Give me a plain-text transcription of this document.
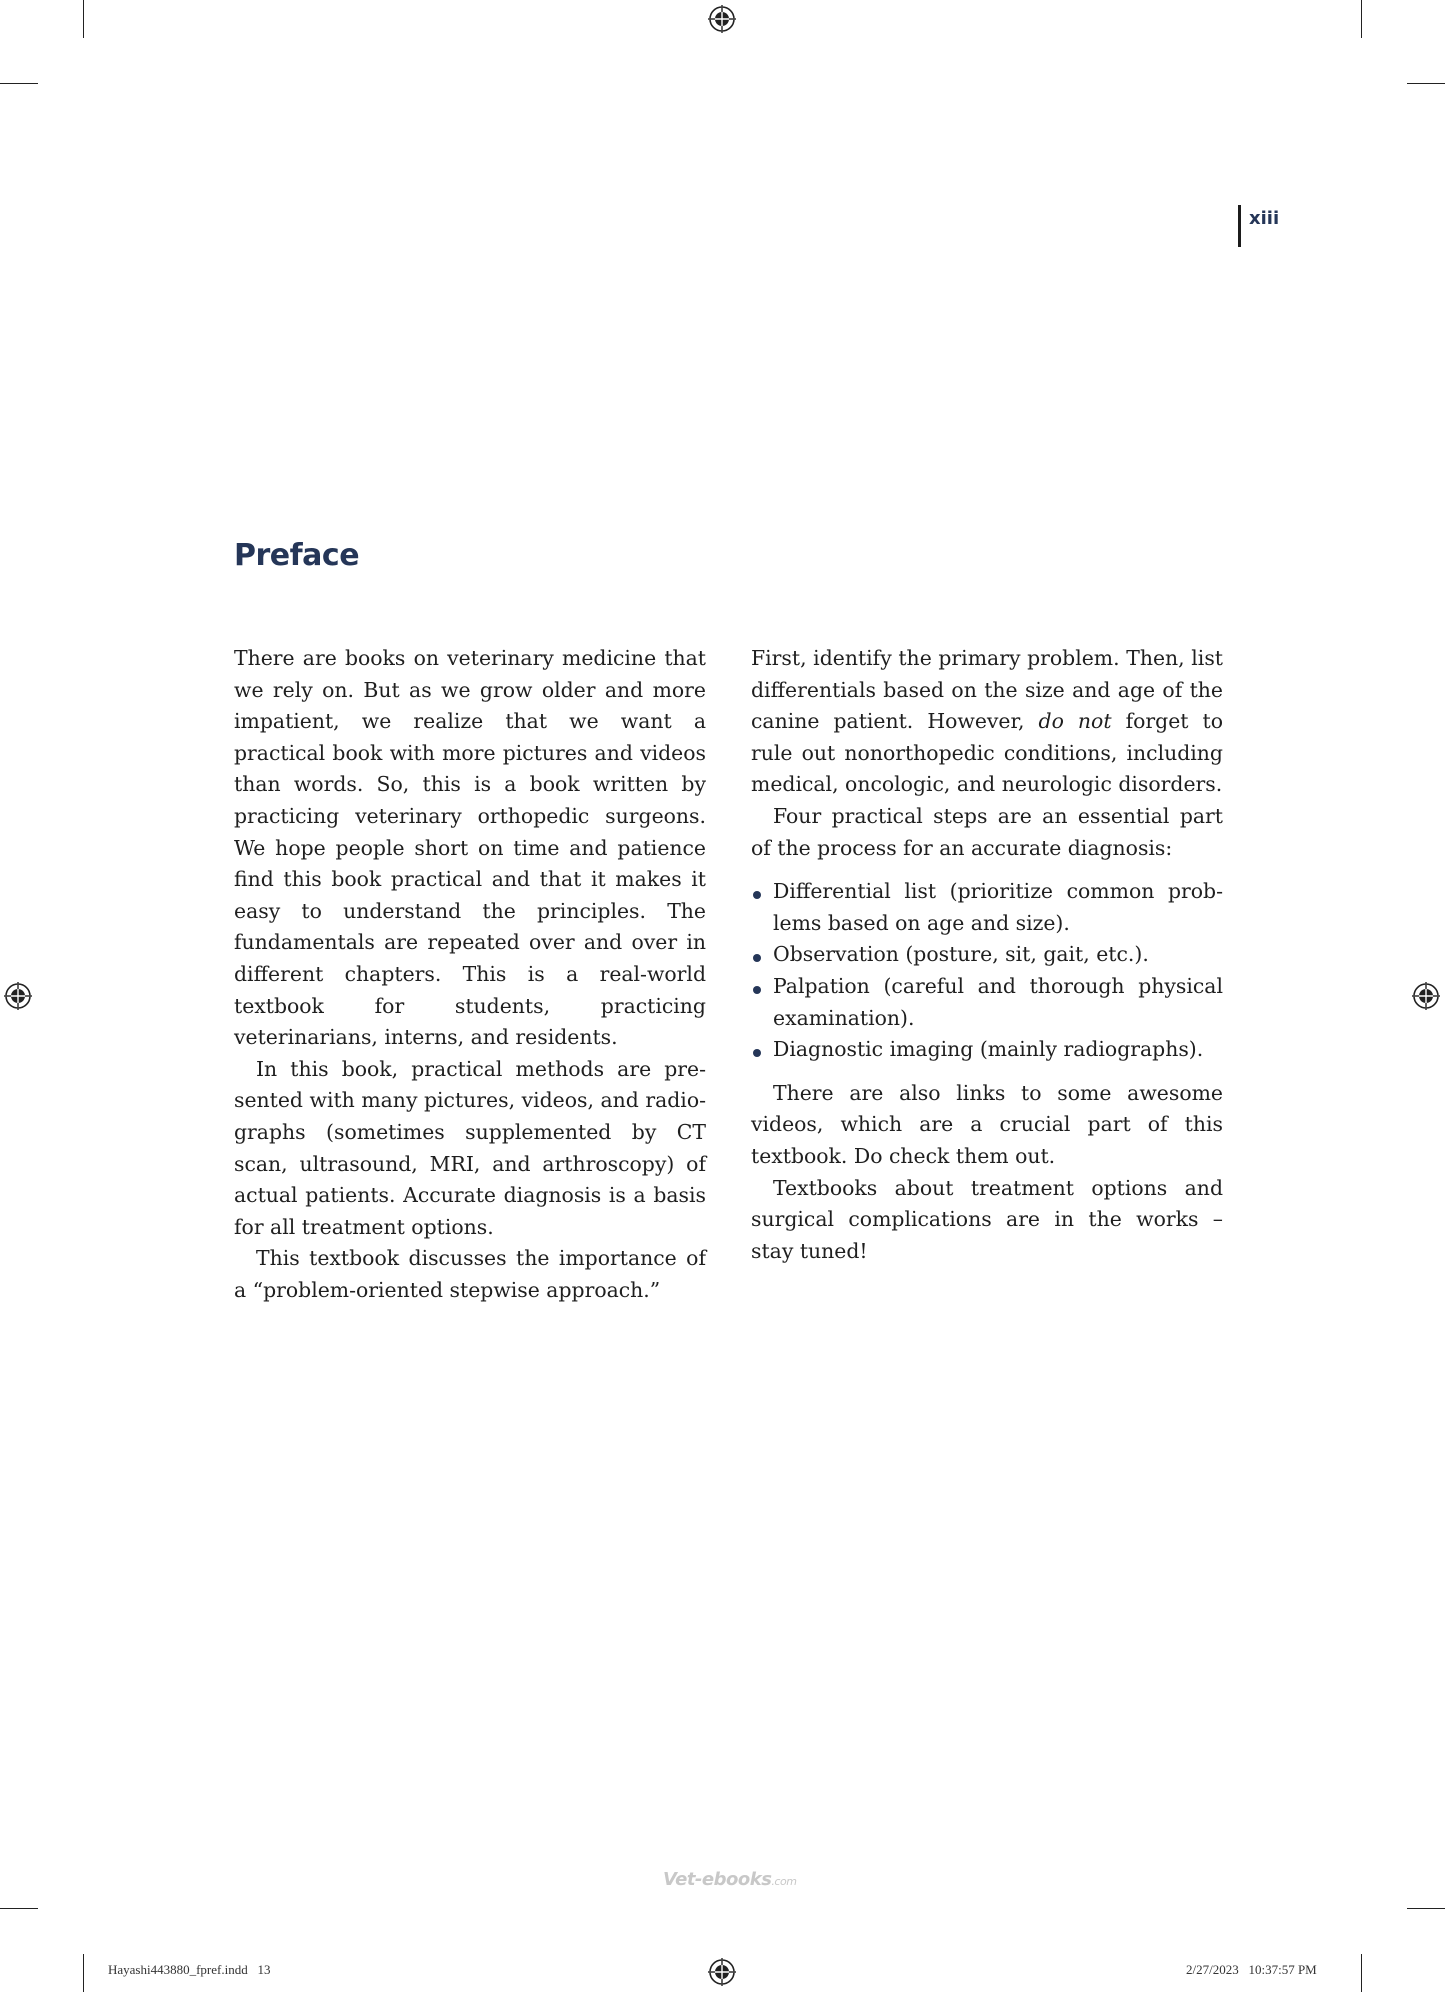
xiii
Preface

There are books on veterinary medicine that we rely on. But as we grow older and more impatient, we realize that we want a practical book with more pictures and videos than words. So, this is a book written by practicing veterinary orthopedic surgeons. We hope people short on time and patience find this book practical and that it makes it easy to understand the principles. The fundamentals are repeated over and over in different chapters. This is a real-world textbook for students, practicing veterinarians, interns, and residents.

In this book, practical methods are presented with many pictures, videos, and radiographs (sometimes supplemented by CT scan, ultrasound, MRI, and arthroscopy) of actual patients. Accurate diagnosis is a basis for all treatment options.

This textbook discusses the importance of a “problem-oriented stepwise approach.”

First, identify the primary problem. Then, list differentials based on the size and age of the canine patient. However, do not forget to rule out nonorthopedic conditions, including medical, oncologic, and neurologic disorders.

Four practical steps are an essential part of the process for an accurate diagnosis:

Differential list (prioritize common problems based on age and size).
Observation (posture, sit, gait, etc.).
Palpation (careful and thorough physical examination).
Diagnostic imaging (mainly radiographs).

There are also links to some awesome videos, which are a crucial part of this textbook. Do check them out.

Textbooks about treatment options and surgical complications are in the works – stay tuned!

Vet-ebooks.com
Hayashi443880_fpref.indd   13	2/27/2023   10:37:57 PM
